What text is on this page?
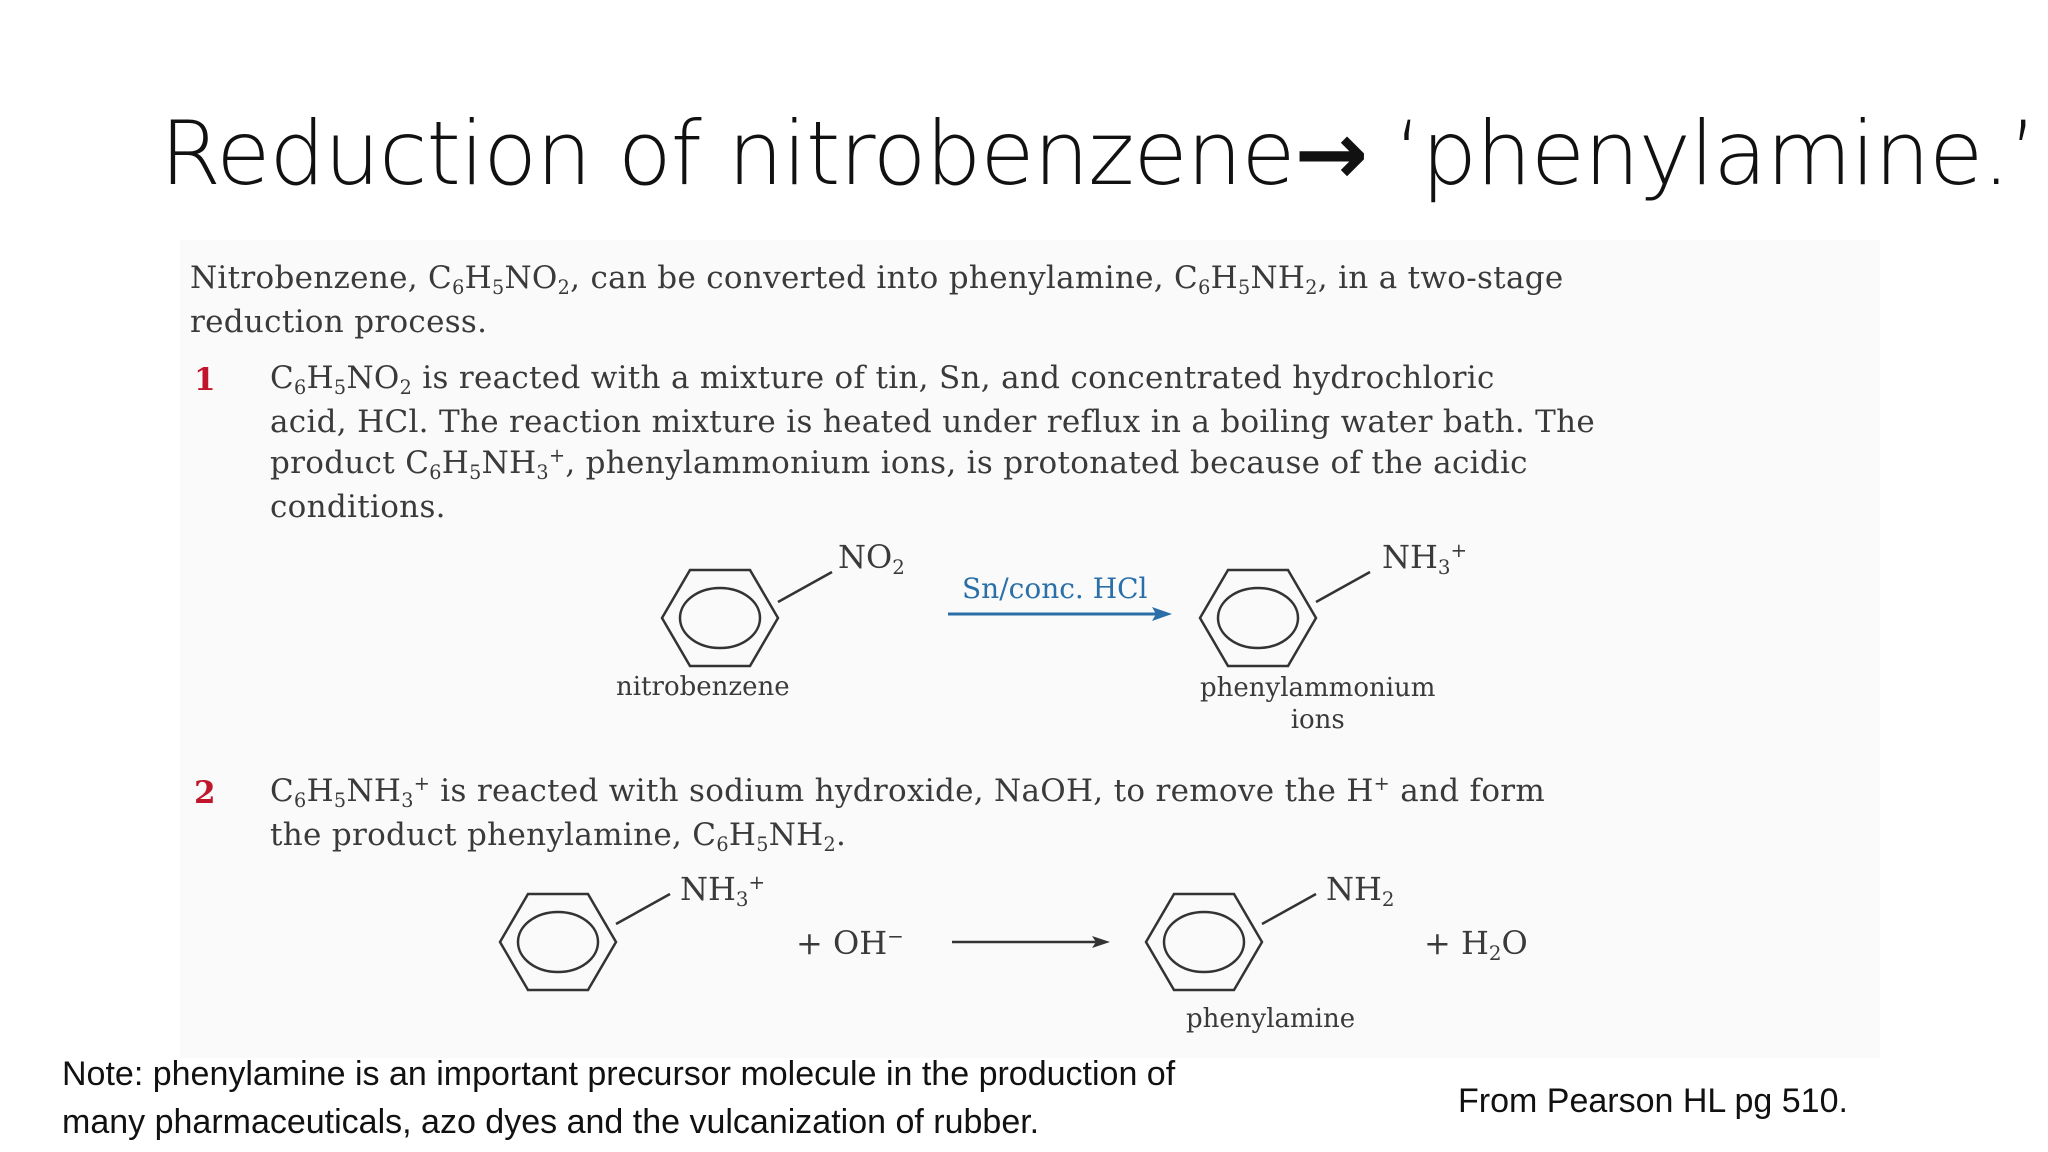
Reduction of nitrobenzene→ ‘phenylamine.’
Nitrobenzene, C6H5NO2, can be converted into phenylamine, C6H5NH2, in a two-stage
reduction process.
1 C6H5NO2 is reacted with a mixture of tin, Sn, and concentrated hydrochloric
acid, HCl. The reaction mixture is heated under reflux in a boiling water bath. The
product C6H5NH3+, phenylammonium ions, is protonated because of the acidic
conditions.
NO2
Sn/conc. HCl
NH3+
nitrobenzene	phenylammonium
ions
2 C6H5NH3+ is reacted with sodium hydroxide, NaOH, to remove the H+ and form
the product phenylamine, C6H5NH2.
NH3+
+ OH−
NH2
+ H2O
phenylamine
Note: phenylamine is an important precursor molecule in the production of
many pharmaceuticals, azo dyes and the vulcanization of rubber.
From Pearson HL pg 510.
